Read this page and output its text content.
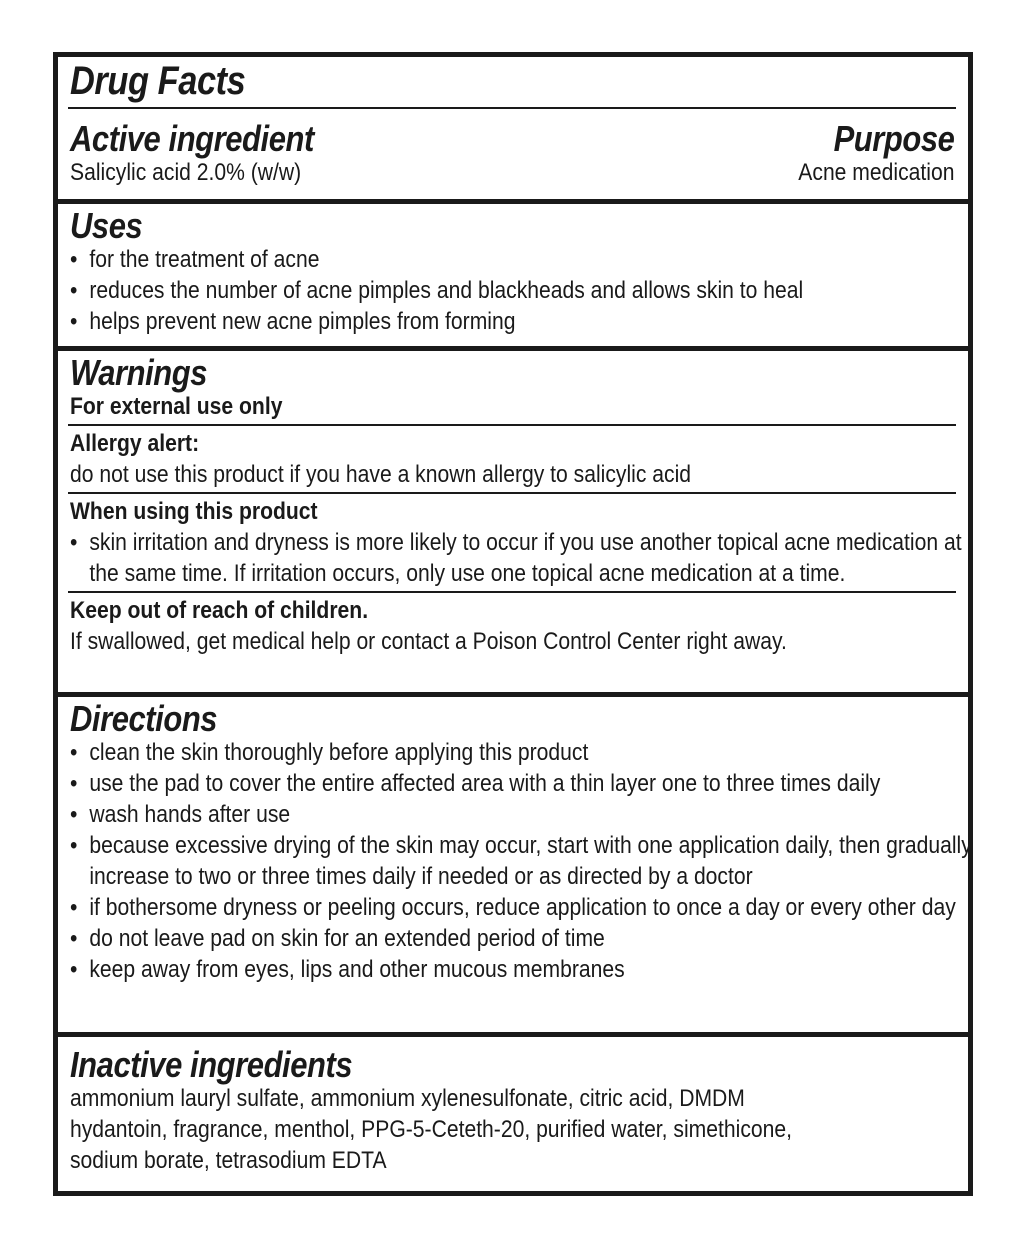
Drug Facts
Active ingredient
Salicylic acid 2.0% (w/w)
Purpose
Acne medication
Uses
• for the treatment of acne
• reduces the number of acne pimples and blackheads and allows skin to heal
• helps prevent new acne pimples from forming
Warnings
For external use only
Allergy alert:
do not use this product if you have a known allergy to salicylic acid
When using this product
• skin irritation and dryness is more likely to occur if you use another topical acne medication at the same time. If irritation occurs, only use one topical acne medication at a time.
Keep out of reach of children.
If swallowed, get medical help or contact a Poison Control Center right away.
Directions
• clean the skin thoroughly before applying this product
• use the pad to cover the entire affected area with a thin layer one to three times daily
• wash hands after use
• because excessive drying of the skin may occur, start with one application daily, then gradually increase to two or three times daily if needed or as directed by a doctor
• if bothersome dryness or peeling occurs, reduce application to once a day or every other day
• do not leave pad on skin for an extended period of time
• keep away from eyes, lips and other mucous membranes
Inactive ingredients
ammonium lauryl sulfate, ammonium xylenesulfonate, citric acid, DMDM
hydantoin, fragrance, menthol, PPG-5-Ceteth-20, purified water, simethicone,
sodium borate, tetrasodium EDTA
